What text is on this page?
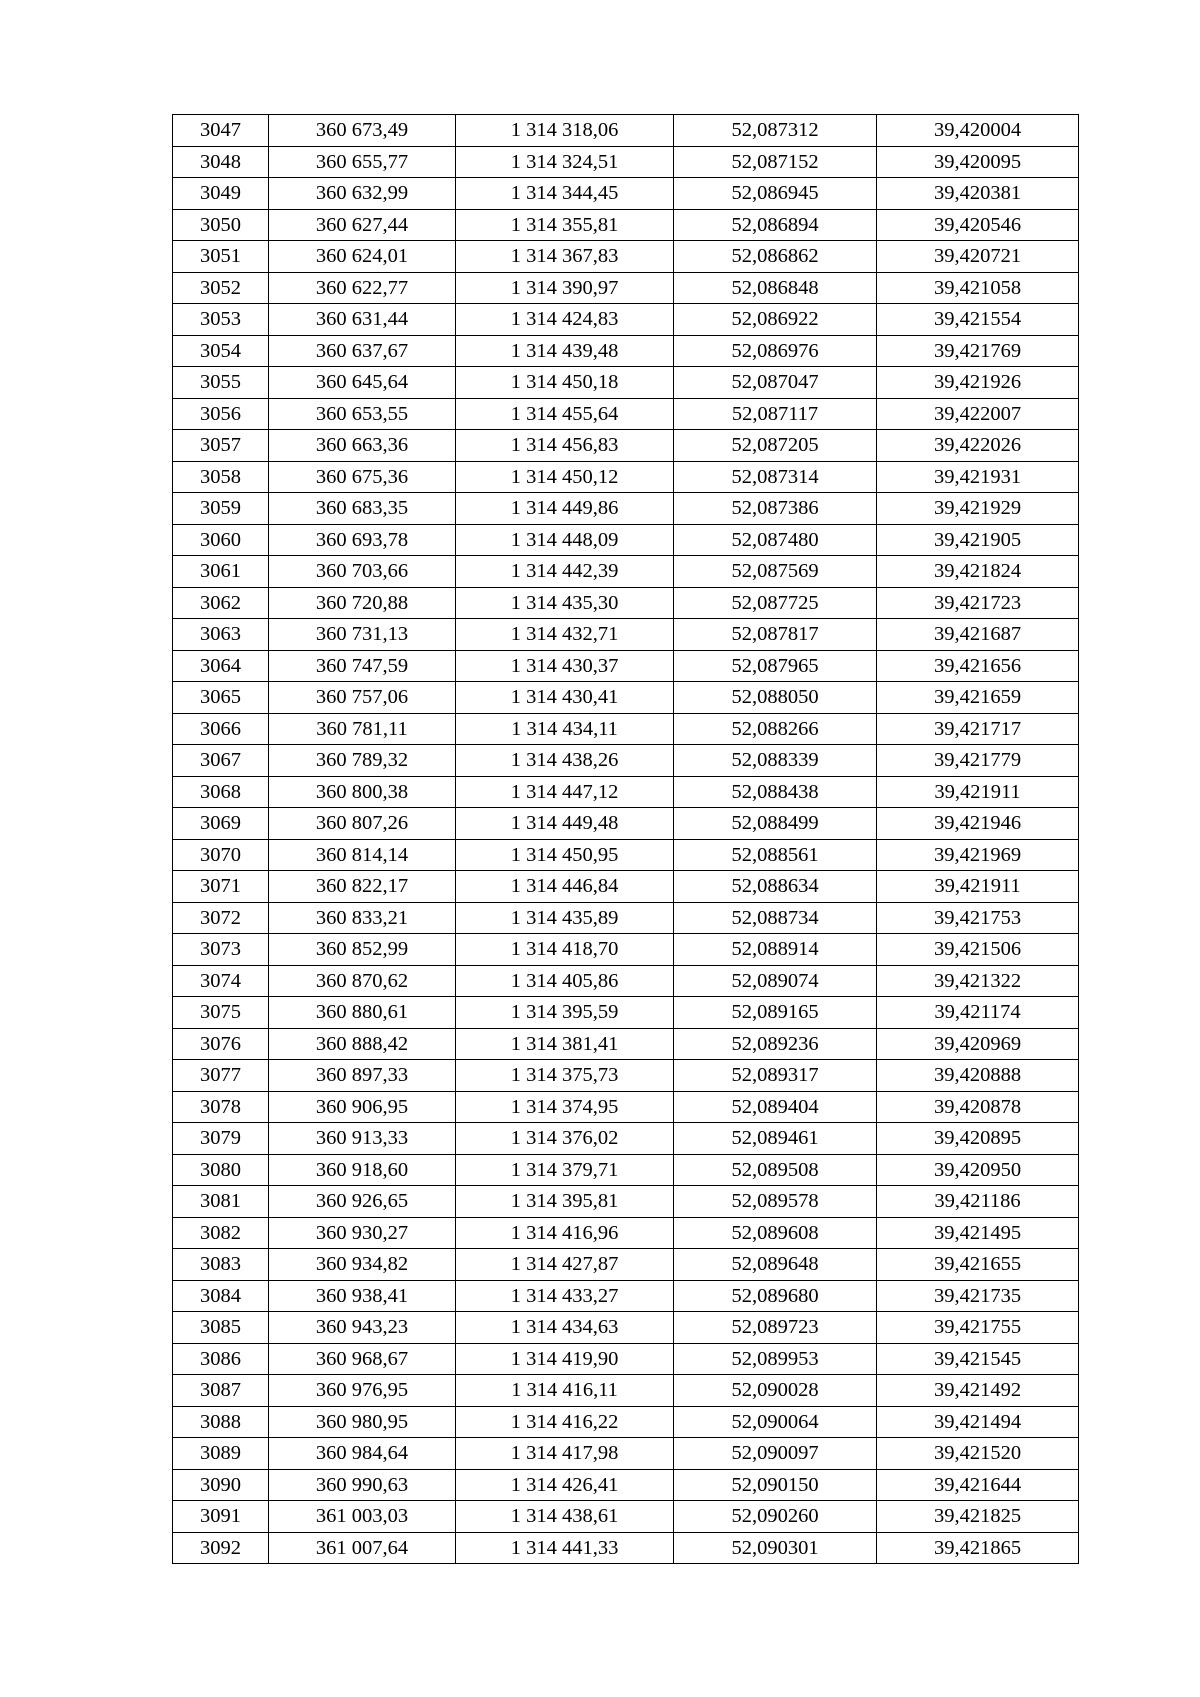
3047	360 673,49	1 314 318,06	52,087312	39,420004
3048	360 655,77	1 314 324,51	52,087152	39,420095
3049	360 632,99	1 314 344,45	52,086945	39,420381
3050	360 627,44	1 314 355,81	52,086894	39,420546
3051	360 624,01	1 314 367,83	52,086862	39,420721
3052	360 622,77	1 314 390,97	52,086848	39,421058
3053	360 631,44	1 314 424,83	52,086922	39,421554
3054	360 637,67	1 314 439,48	52,086976	39,421769
3055	360 645,64	1 314 450,18	52,087047	39,421926
3056	360 653,55	1 314 455,64	52,087117	39,422007
3057	360 663,36	1 314 456,83	52,087205	39,422026
3058	360 675,36	1 314 450,12	52,087314	39,421931
3059	360 683,35	1 314 449,86	52,087386	39,421929
3060	360 693,78	1 314 448,09	52,087480	39,421905
3061	360 703,66	1 314 442,39	52,087569	39,421824
3062	360 720,88	1 314 435,30	52,087725	39,421723
3063	360 731,13	1 314 432,71	52,087817	39,421687
3064	360 747,59	1 314 430,37	52,087965	39,421656
3065	360 757,06	1 314 430,41	52,088050	39,421659
3066	360 781,11	1 314 434,11	52,088266	39,421717
3067	360 789,32	1 314 438,26	52,088339	39,421779
3068	360 800,38	1 314 447,12	52,088438	39,421911
3069	360 807,26	1 314 449,48	52,088499	39,421946
3070	360 814,14	1 314 450,95	52,088561	39,421969
3071	360 822,17	1 314 446,84	52,088634	39,421911
3072	360 833,21	1 314 435,89	52,088734	39,421753
3073	360 852,99	1 314 418,70	52,088914	39,421506
3074	360 870,62	1 314 405,86	52,089074	39,421322
3075	360 880,61	1 314 395,59	52,089165	39,421174
3076	360 888,42	1 314 381,41	52,089236	39,420969
3077	360 897,33	1 314 375,73	52,089317	39,420888
3078	360 906,95	1 314 374,95	52,089404	39,420878
3079	360 913,33	1 314 376,02	52,089461	39,420895
3080	360 918,60	1 314 379,71	52,089508	39,420950
3081	360 926,65	1 314 395,81	52,089578	39,421186
3082	360 930,27	1 314 416,96	52,089608	39,421495
3083	360 934,82	1 314 427,87	52,089648	39,421655
3084	360 938,41	1 314 433,27	52,089680	39,421735
3085	360 943,23	1 314 434,63	52,089723	39,421755
3086	360 968,67	1 314 419,90	52,089953	39,421545
3087	360 976,95	1 314 416,11	52,090028	39,421492
3088	360 980,95	1 314 416,22	52,090064	39,421494
3089	360 984,64	1 314 417,98	52,090097	39,421520
3090	360 990,63	1 314 426,41	52,090150	39,421644
3091	361 003,03	1 314 438,61	52,090260	39,421825
3092	361 007,64	1 314 441,33	52,090301	39,421865
